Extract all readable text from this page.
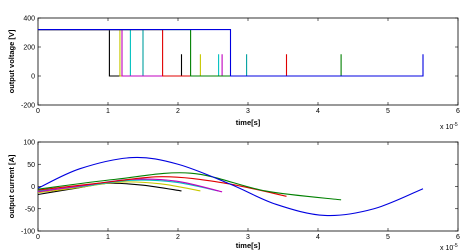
0	1	2	3	4	5	6
-200
0
200
400
output voltage [V]
time[s]
x $10^{-5}$
0	1	2	3	4	5	6
-100
-50
0
50
100
output current [A]
time[s]	x $10^{-5}$
